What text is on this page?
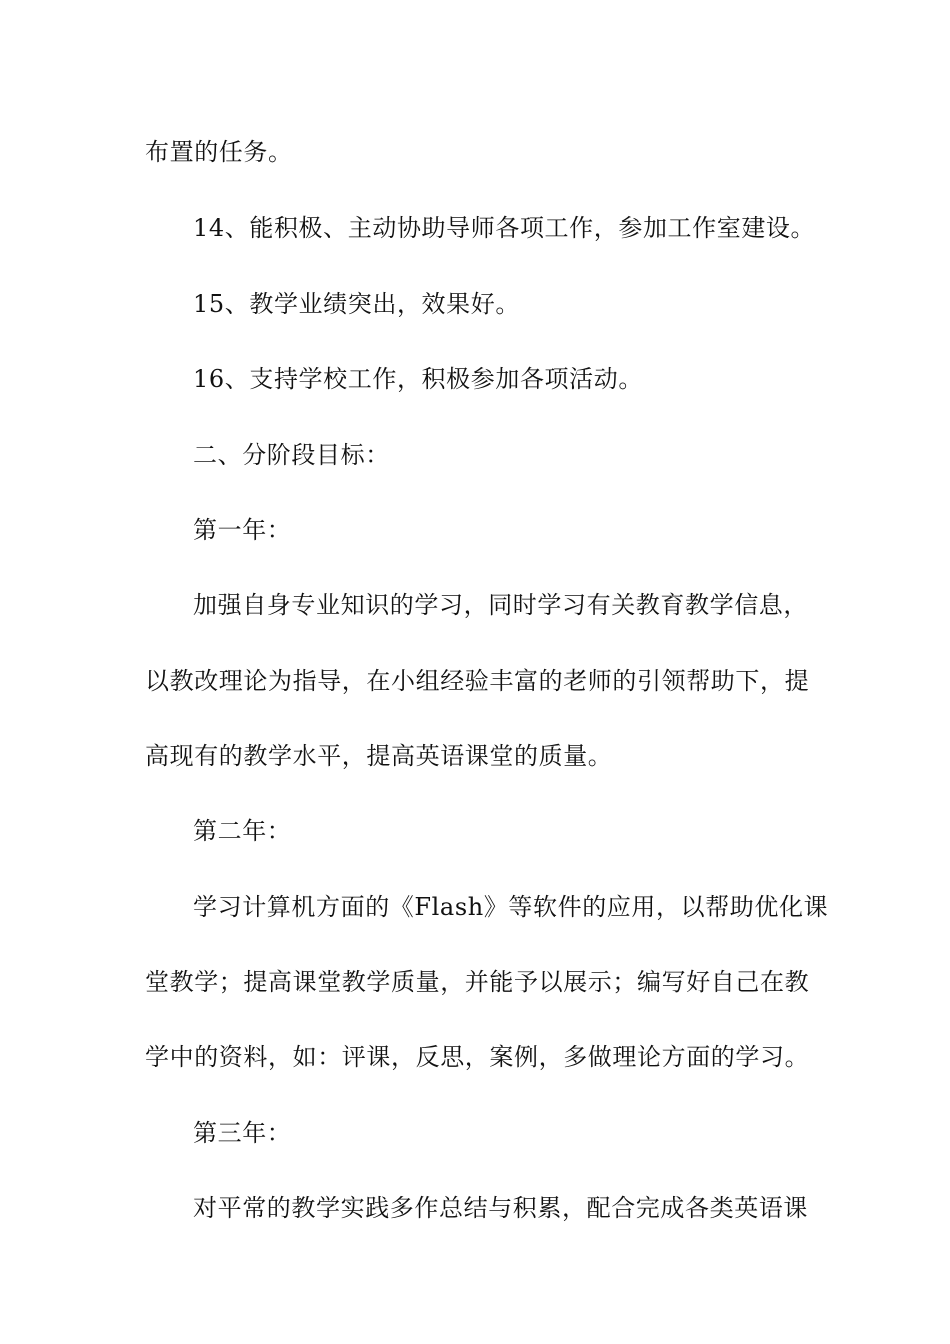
布置的任务。
14、能积极、主动协助导师各项工作，参加工作室建设。
15、教学业绩突出，效果好。
16、支持学校工作，积极参加各项活动。
二、分阶段目标：
第一年：
加强自身专业知识的学习，同时学习有关教育教学信息，
以教改理论为指导，在小组经验丰富的老师的引领帮助下，提
高现有的教学水平，提高英语课堂的质量。
第二年：
学习计算机方面的《Flash》等软件的应用，以帮助优化课
堂教学；提高课堂教学质量，并能予以展示；编写好自己在教
学中的资料，如：评课，反思，案例，多做理论方面的学习。
第三年：
对平常的教学实践多作总结与积累，配合完成各类英语课
